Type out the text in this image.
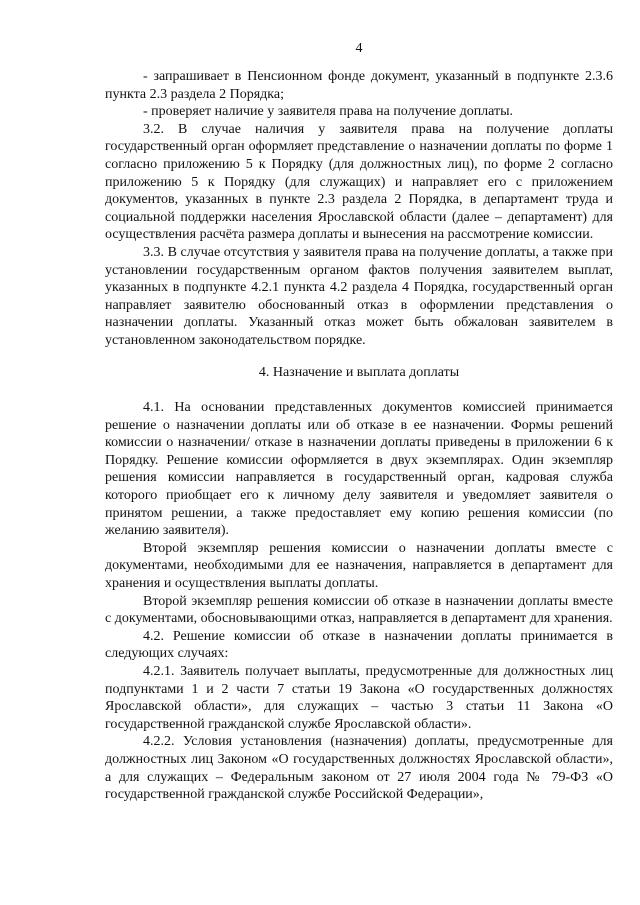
4

- запрашивает в Пенсионном фонде документ, указанный в подпункте 2.3.6 пункта 2.3 раздела 2 Порядка;

- проверяет наличие у заявителя права на получение доплаты.

3.2. В случае наличия у заявителя права на получение доплаты государственный орган оформляет представление о назначении доплаты по форме 1 согласно приложению 5 к Порядку (для должностных лиц), по форме 2 согласно приложению 5 к Порядку (для служащих) и направляет его с приложением документов, указанных в пункте 2.3 раздела 2 Порядка, в департамент труда и социальной поддержки населения Ярославской области (далее – департамент) для осуществления расчёта размера доплаты и вынесения на рассмотрение комиссии.

3.3. В случае отсутствия у заявителя права на получение доплаты, а также при установлении государственным органом фактов получения заявителем выплат, указанных в подпункте 4.2.1 пункта 4.2 раздела 4 Порядка, государственный орган направляет заявителю обоснованный отказ в оформлении представления о назначении доплаты. Указанный отказ может быть обжалован заявителем в установленном законодательством порядке.

4. Назначение и выплата доплаты

4.1. На основании представленных документов комиссией принимается решение о назначении доплаты или об отказе в ее назначении. Формы решений комиссии о назначении/ отказе в назначении доплаты приведены в приложении 6 к Порядку. Решение комиссии оформляется в двух экземплярах. Один экземпляр решения комиссии направляется в государственный орган, кадровая служба которого приобщает его к личному делу заявителя и уведомляет заявителя о принятом решении, а также предоставляет ему копию решения комиссии (по желанию заявителя).

Второй экземпляр решения комиссии о назначении доплаты вместе с документами, необходимыми для ее назначения, направляется в департамент для хранения и осуществления выплаты доплаты.

Второй экземпляр решения комиссии об отказе в назначении доплаты вместе с документами, обосновывающими отказ, направляется в департамент для хранения.

4.2. Решение комиссии об отказе в назначении доплаты принимается в следующих случаях:

4.2.1. Заявитель получает выплаты, предусмотренные для должностных лиц подпунктами 1 и 2 части 7 статьи 19 Закона «О государственных должностях Ярославской области», для служащих – частью 3 статьи 11 Закона «О государственной гражданской службе Ярославской области».

4.2.2. Условия установления (назначения) доплаты, предусмотренные для должностных лиц Законом «О государственных должностях Ярославской области», а для служащих – Федеральным законом от 27 июля 2004 года № 79-ФЗ «О государственной гражданской службе Российской Федерации»,
